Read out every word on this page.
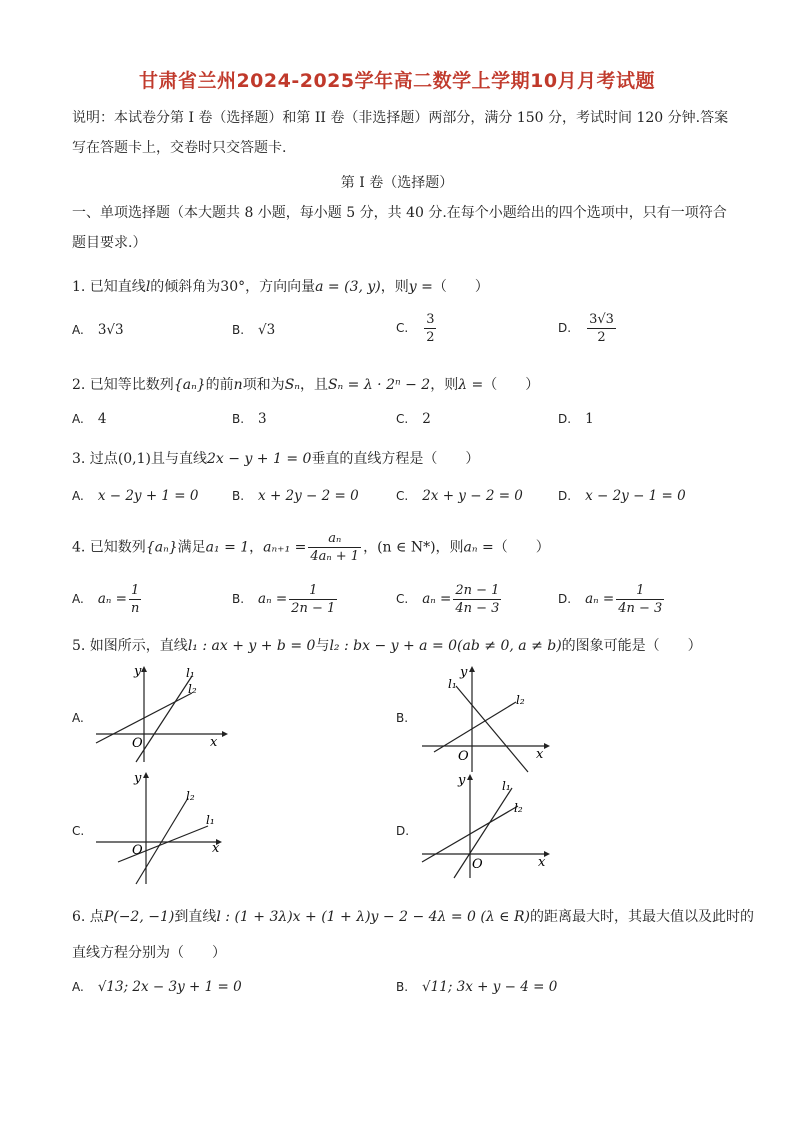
甘肃省兰州2024-2025学年高二数学上学期10月月考试题
说明：本试卷分第 I 卷（选择题）和第 II 卷（非选择题）两部分，满分 150 分，考试时间 120 分钟.答案
写在答题卡上，交卷时只交答题卡.
第 I 卷（选择题）
一、单项选择题（本大题共 8 小题，每小题 5 分，共 40 分.在每个小题给出的四个选项中，只有一项符合
题目要求.）
1. 已知直线l的倾斜角为30°，方向向量a = (3, y)，则y =（　　）
A. 3√3	B. √3	C. $\frac{3}{2}$	D. $\frac{3√3}{2}$
2. 已知等比数列{aₙ}的前n项和为Sₙ，且Sₙ = λ · 2ⁿ − 2，则λ =（　　）
A. 4	B. 3	C. 2	D. 1
3. 过点(0,1)且与直线2x − y + 1 = 0垂直的直线方程是（　　）
A. x − 2y + 1 = 0	B. x + 2y − 2 = 0	C. 2x + y − 2 = 0	D. x − 2y − 1 = 0
4. 已知数列{aₙ}满足a₁ = 1，$a_{n+1} = \frac{\text{aₙ}}{\text{4aₙ + 1}}$ ，(n ∈ N*)，则aₙ =（　　）
A. $a_n = \frac{1}{n}$	B. $a_n = \frac{1}{2n - 1}$	C. $a_n = \frac{2n - 1}{4n - 3}$	D. $a_n = \frac{1}{4n - 3}$
5. 如图所示，直线l₁ : ax + y + b = 0与l₂ : bx − y + a = 0(ab ≠ 0, a ≠ b)的图象可能是（　　）
A.
x
y
O
l₁
l₂
B.
x
y
O
l₁
l₂
C.
x
y
O
l₁
l₂
D.
x
y
O
l₁
l₂
6. 点P(−2, −1)到直线l : (1 + 3λ)x + (1 + λ)y − 2 − 4λ = 0 (λ ∈ R)的距离最大时，其最大值以及此时的
直线方程分别为（　　）
A. √13; 2x − 3y + 1 = 0	B. √11; 3x + y − 4 = 0
